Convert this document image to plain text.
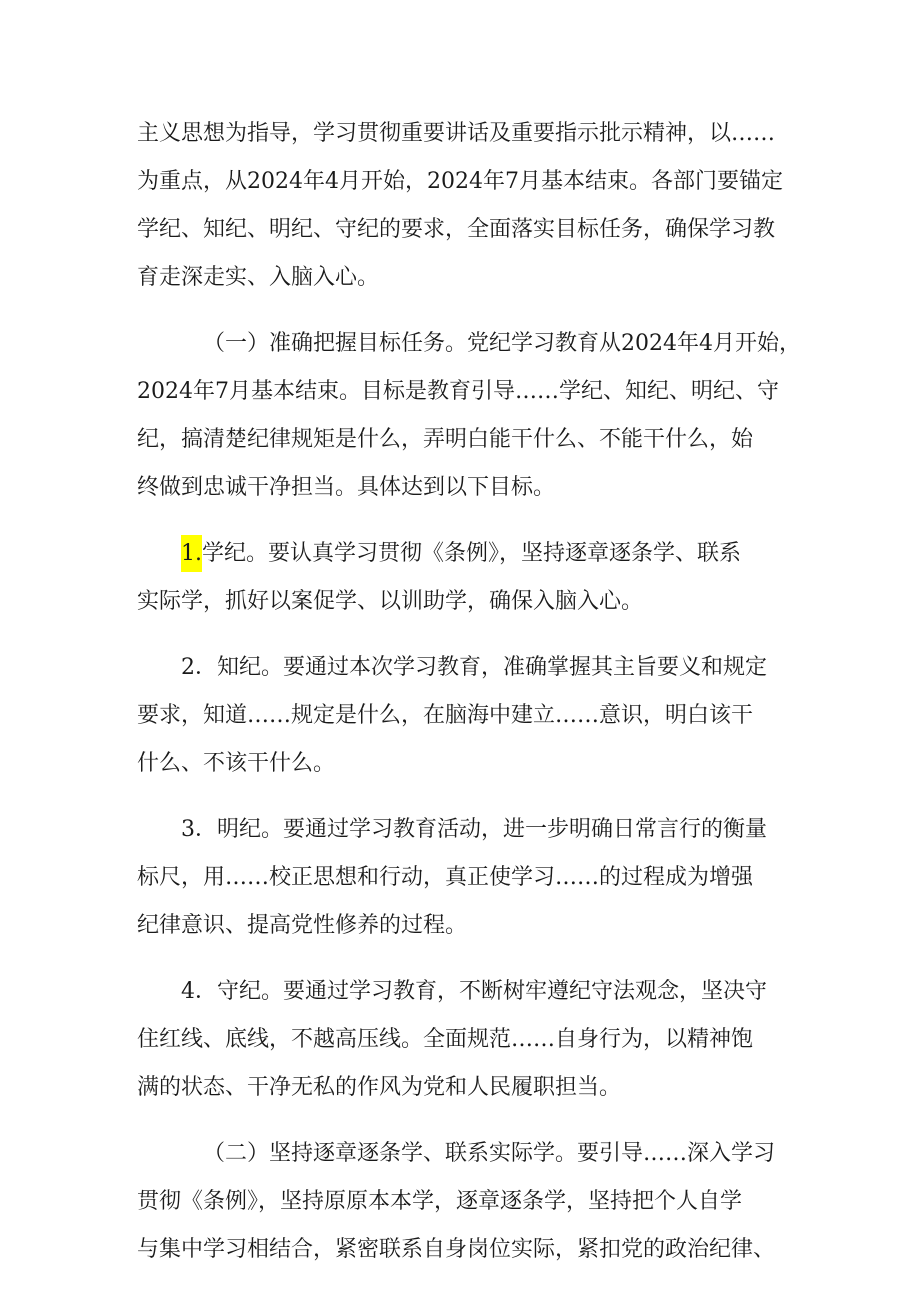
主义思想为指导，学习贯彻重要讲话及重要指示批示精神，以……
为重点，从2024年4月开始，2024年7月基本结束。各部门要锚定
学纪、知纪、明纪、守纪的要求，全面落实目标任务，确保学习教
育走深走实、入脑入心。
（一）准确把握目标任务。党纪学习教育从2024年4月开始，
2024年7月基本结束。目标是教育引导……学纪、知纪、明纪、守
纪，搞清楚纪律规矩是什么，弄明白能干什么、不能干什么，始
终做到忠诚干净担当。具体达到以下目标。
1.学纪。要认真学习贯彻《条例》，坚持逐章逐条学、联系
实际学，抓好以案促学、以训助学，确保入脑入心。
2．知纪。要通过本次学习教育，准确掌握其主旨要义和规定
要求，知道……规定是什么，在脑海中建立……意识，明白该干
什么、不该干什么。
3．明纪。要通过学习教育活动，进一步明确日常言行的衡量
标尺，用……校正思想和行动，真正使学习……的过程成为增强
纪律意识、提高党性修养的过程。
4．守纪。要通过学习教育，不断树牢遵纪守法观念，坚决守
住红线、底线，不越高压线。全面规范……自身行为，以精神饱
满的状态、干净无私的作风为党和人民履职担当。
（二）坚持逐章逐条学、联系实际学。要引导……深入学习
贯彻《条例》，坚持原原本本学，逐章逐条学，坚持把个人自学
与集中学习相结合，紧密联系自身岗位实际，紧扣党的政治纪律、
